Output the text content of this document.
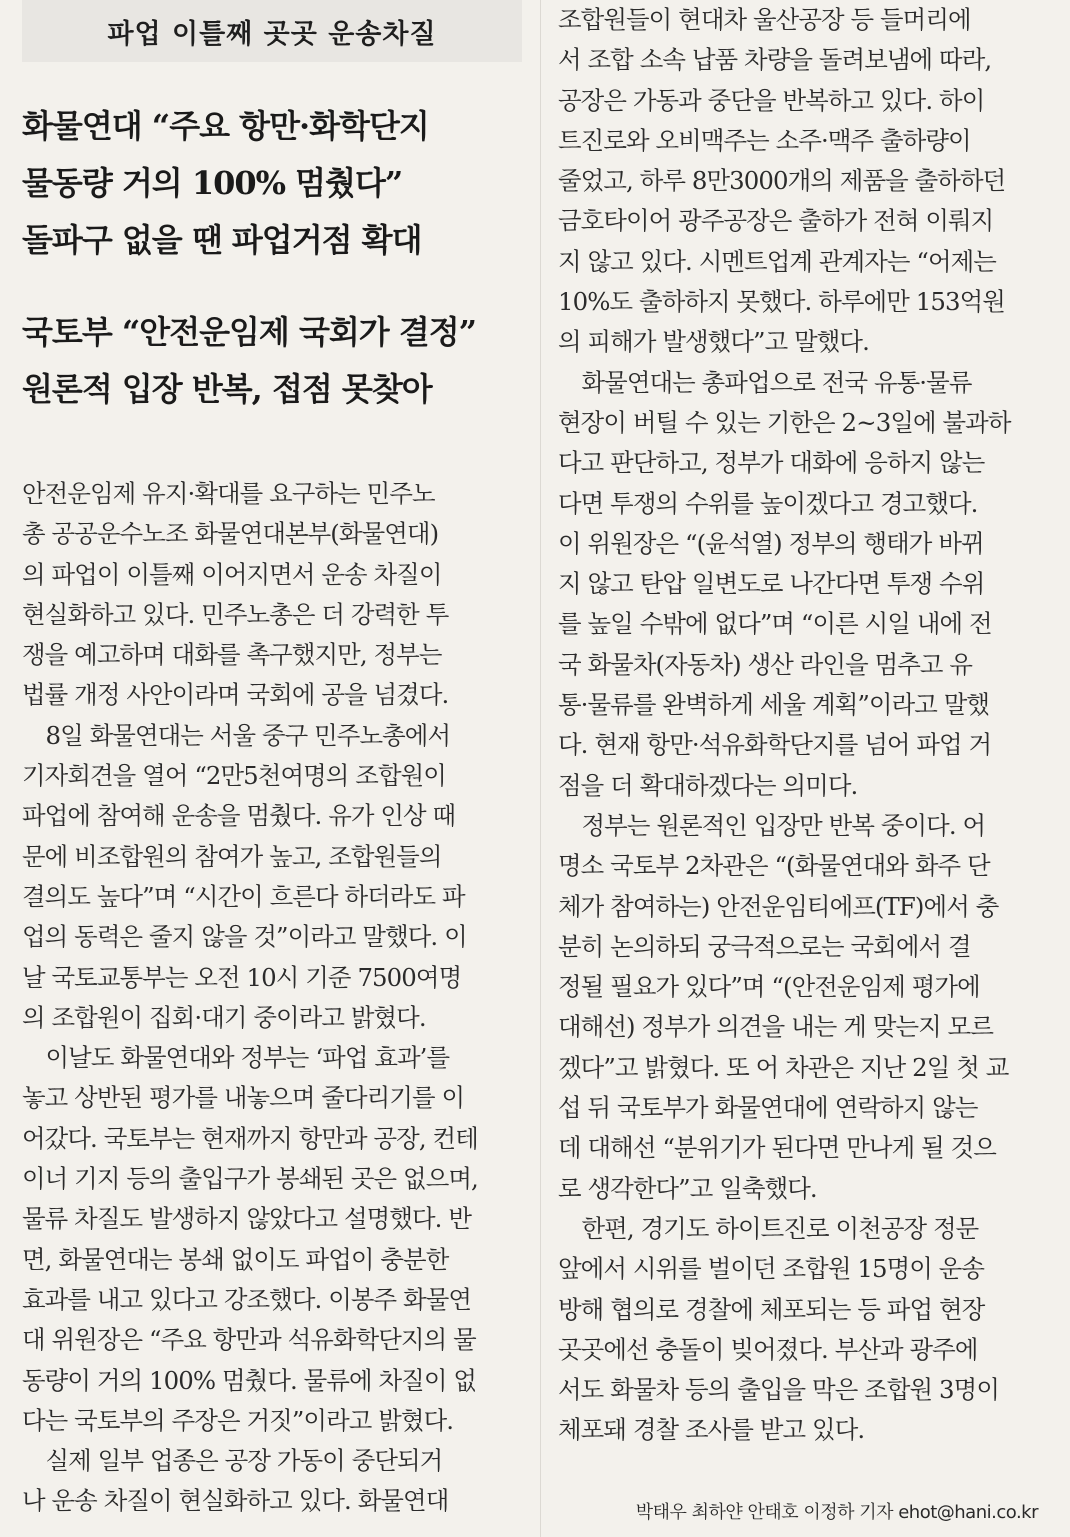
파업 이틀째 곳곳 운송차질
화물연대 “주요 항만·화학단지
물동량 거의 100% 멈췄다”
돌파구 없을 땐 파업거점 확대
국토부 “안전운임제 국회가 결정”
원론적 입장 반복, 접점 못찾아
안전운임제 유지·확대를 요구하는 민주노
총 공공운수노조 화물연대본부(화물연대)
의 파업이 이틀째 이어지면서 운송 차질이
현실화하고 있다. 민주노총은 더 강력한 투
쟁을 예고하며 대화를 촉구했지만, 정부는
법률 개정 사안이라며 국회에 공을 넘겼다.
　8일 화물연대는 서울 중구 민주노총에서
기자회견을 열어 “2만5천여명의 조합원이
파업에 참여해 운송을 멈췄다. 유가 인상 때
문에 비조합원의 참여가 높고, 조합원들의
결의도 높다”며 “시간이 흐른다 하더라도 파
업의 동력은 줄지 않을 것”이라고 말했다. 이
날 국토교통부는 오전 10시 기준 7500여명
의 조합원이 집회·대기 중이라고 밝혔다.
　이날도 화물연대와 정부는 ‘파업 효과’를
놓고 상반된 평가를 내놓으며 줄다리기를 이
어갔다. 국토부는 현재까지 항만과 공장, 컨테
이너 기지 등의 출입구가 봉쇄된 곳은 없으며,
물류 차질도 발생하지 않았다고 설명했다. 반
면, 화물연대는 봉쇄 없이도 파업이 충분한
효과를 내고 있다고 강조했다. 이봉주 화물연
대 위원장은 “주요 항만과 석유화학단지의 물
동량이 거의 100% 멈췄다. 물류에 차질이 없
다는 국토부의 주장은 거짓”이라고 밝혔다.
　실제 일부 업종은 공장 가동이 중단되거
나 운송 차질이 현실화하고 있다. 화물연대
조합원들이 현대차 울산공장 등 들머리에
서 조합 소속 납품 차량을 돌려보냄에 따라,
공장은 가동과 중단을 반복하고 있다. 하이
트진로와 오비맥주는 소주·맥주 출하량이
줄었고, 하루 8만3000개의 제품을 출하하던
금호타이어 광주공장은 출하가 전혀 이뤄지
지 않고 있다. 시멘트업계 관계자는 “어제는
10%도 출하하지 못했다. 하루에만 153억원
의 피해가 발생했다”고 말했다.
　화물연대는 총파업으로 전국 유통·물류
현장이 버틸 수 있는 기한은 2~3일에 불과하
다고 판단하고, 정부가 대화에 응하지 않는
다면 투쟁의 수위를 높이겠다고 경고했다.
이 위원장은 “(윤석열) 정부의 행태가 바뀌
지 않고 탄압 일변도로 나간다면 투쟁 수위
를 높일 수밖에 없다”며 “이른 시일 내에 전
국 화물차(자동차) 생산 라인을 멈추고 유
통·물류를 완벽하게 세울 계획”이라고 말했
다. 현재 항만·석유화학단지를 넘어 파업 거
점을 더 확대하겠다는 의미다.
　정부는 원론적인 입장만 반복 중이다. 어
명소 국토부 2차관은 “(화물연대와 화주 단
체가 참여하는) 안전운임티에프(TF)에서 충
분히 논의하되 궁극적으로는 국회에서 결
정될 필요가 있다”며 “(안전운임제 평가에
대해선) 정부가 의견을 내는 게 맞는지 모르
겠다”고 밝혔다. 또 어 차관은 지난 2일 첫 교
섭 뒤 국토부가 화물연대에 연락하지 않는
데 대해선 “분위기가 된다면 만나게 될 것으
로 생각한다”고 일축했다.
　한편, 경기도 하이트진로 이천공장 정문
앞에서 시위를 벌이던 조합원 15명이 운송
방해 협의로 경찰에 체포되는 등 파업 현장
곳곳에선 충돌이 빚어졌다. 부산과 광주에
서도 화물차 등의 출입을 막은 조합원 3명이
체포돼 경찰 조사를 받고 있다.
박태우 최하얀 안태호 이정하 기자 ehot@hani.co.kr
